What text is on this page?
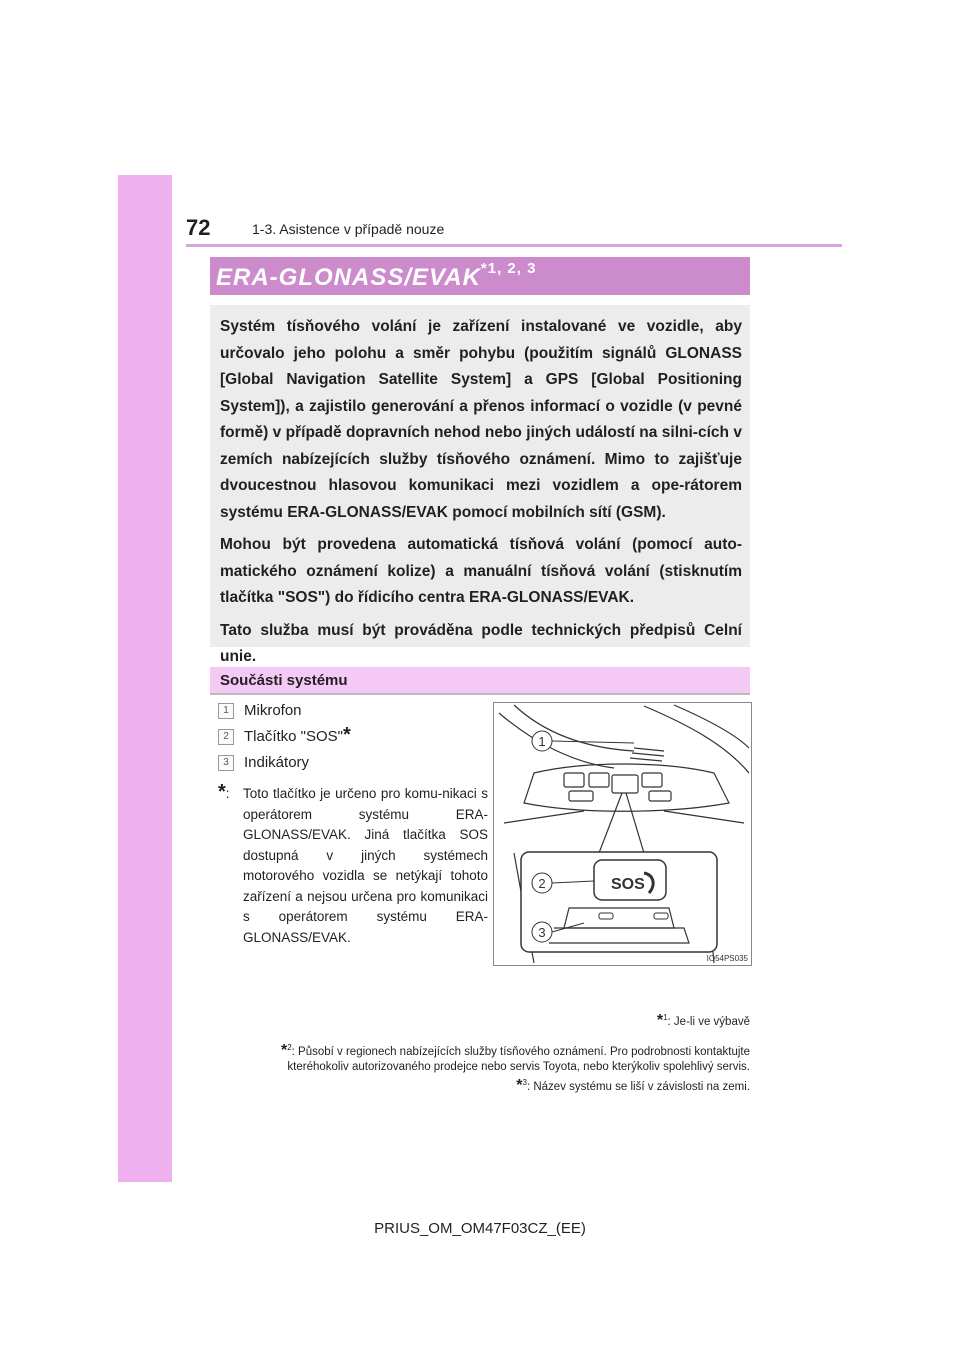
72	1-3. Asistence v případě nouze
ERA-GLONASS/EVAK$^{*1, 2, 3}$

Systém tísňového volání je zařízení instalované ve vozidle, aby určovalo jeho polohu a směr pohybu (použitím signálů GLONASS [Global Navigation Satellite System] a GPS [Global Positioning System]), a zajistilo generování a přenos informací o vozidle (v pevné formě) v případě dopravních nehod nebo jiných událostí na silni-cích v zemích nabízejících služby tísňového oznámení. Mimo to zajišťuje dvoucestnou hlasovou komunikaci mezi vozidlem a ope-rátorem systému ERA-GLONASS/EVAK pomocí mobilních sítí (GSM).

Mohou být provedena automatická tísňová volání (pomocí auto-matického oznámení kolize) a manuální tísňová volání (stisknutím tlačítka "SOS") do řídicího centra ERA-GLONASS/EVAK.

Tato služba musí být prováděna podle technických předpisů Celní unie.

Součásti systému
1	Mikrofon
2	Tlačítko "SOS" *
3	Indikátory
*: Toto tlačítko je určeno pro komu-nikaci s operátorem systému ERA-GLONASS/EVAK. Jiná tlačítka SOS dostupná v jiných systémech motorového vozidla se netýkají tohoto zařízení a nejsou určena pro komunikaci s operátorem systému ERA-GLONASS/EVAK.
SOS
1
2
3
IO54PS035
*$^1$: Je-li ve výbavě
*$^2$: Působí v regionech nabízejících služby tísňového oznámení. Pro podrobnosti kontaktujte kteréhokoliv autorizovaného prodejce nebo servis Toyota, nebo kterýkoliv spolehlivý servis.
*$^3$: Název systému se liší v závislosti na zemi.
PRIUS_OM_OM47F03CZ_(EE)
